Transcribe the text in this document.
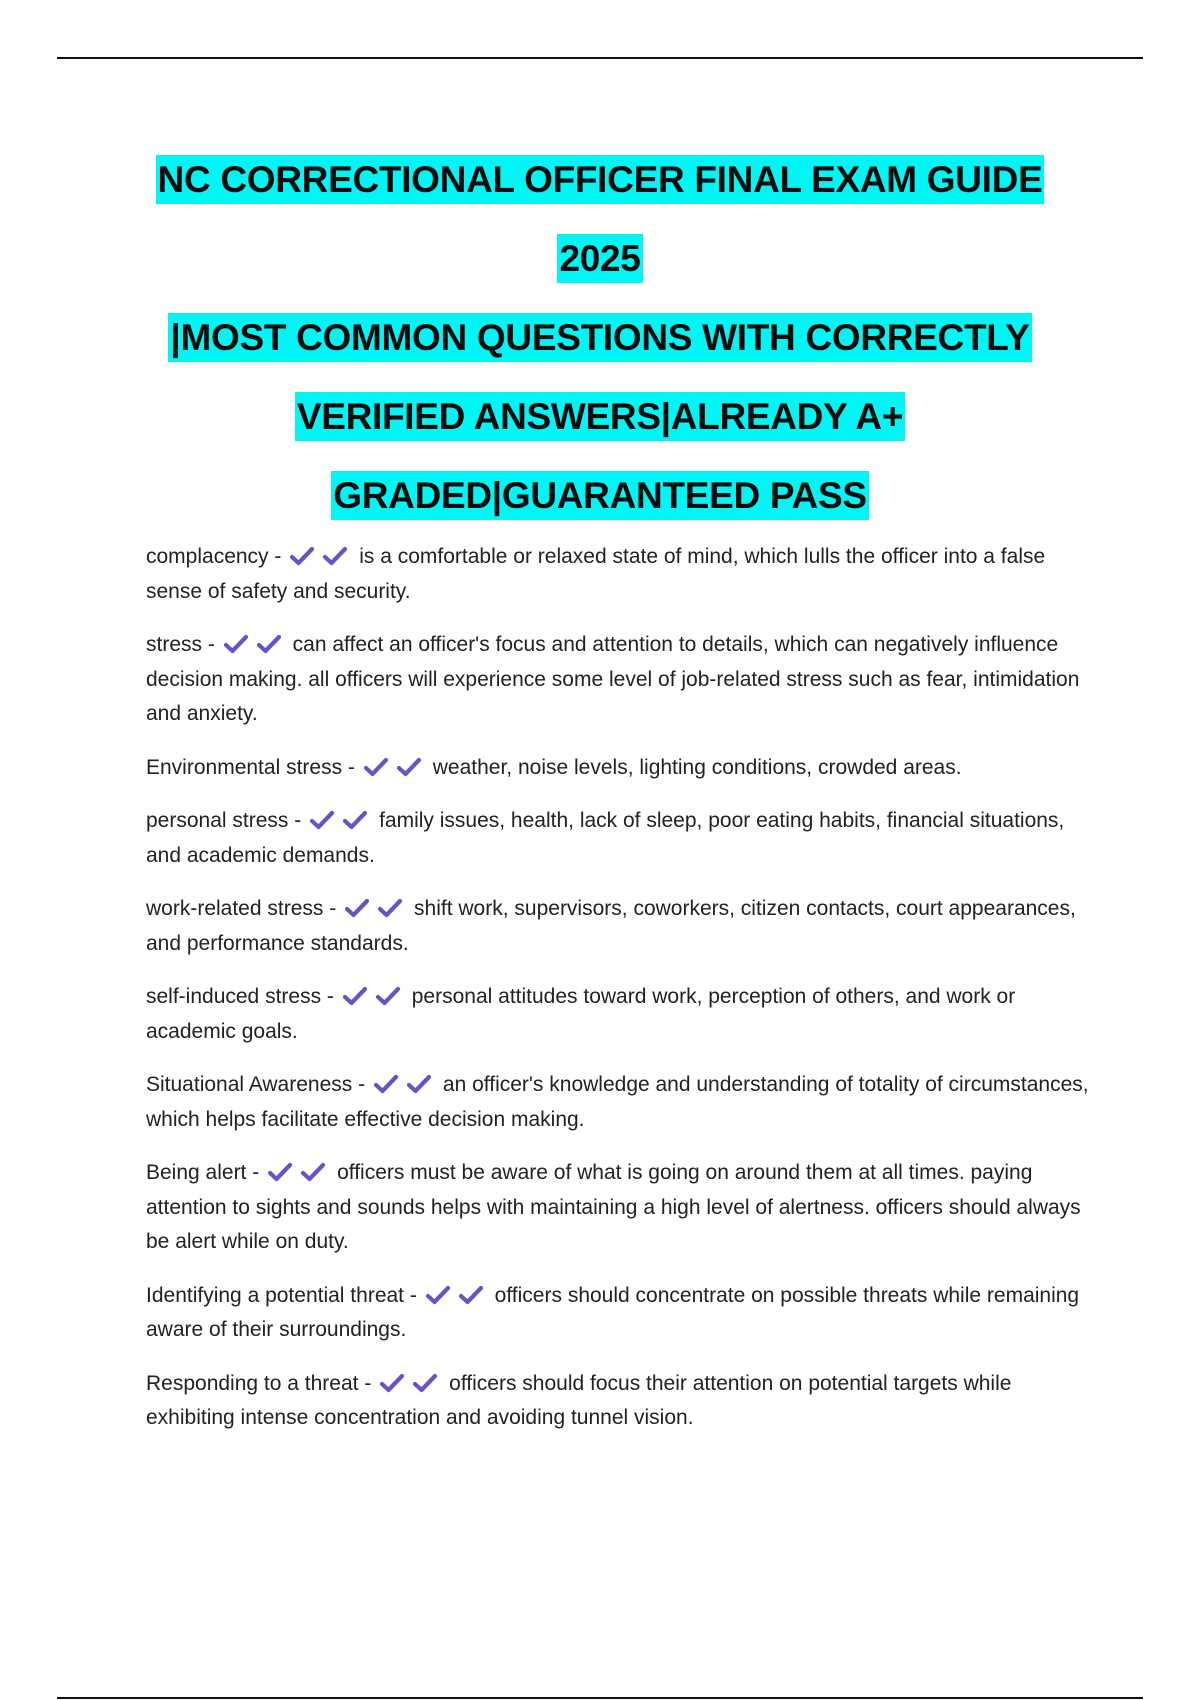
NC CORRECTIONAL OFFICER FINAL EXAM GUIDE
2025
|MOST COMMON QUESTIONS WITH CORRECTLY
VERIFIED ANSWERS|ALREADY A+
GRADED|GUARANTEED PASS

complacency -	is a comfortable or relaxed state of mind, which lulls the officer into a false sense of safety and security.

stress -	can affect an officer's focus and attention to details, which can negatively influence decision making. all officers will experience some level of job-related stress such as fear, intimidation and anxiety.

Environmental stress -	weather, noise levels, lighting conditions, crowded areas.

personal stress -	family issues, health, lack of sleep, poor eating habits, financial situations, and academic demands.

work-related stress -	shift work, supervisors, coworkers, citizen contacts, court appearances, and performance standards.

self-induced stress -	personal attitudes toward work, perception of others, and work or academic goals.

Situational Awareness -	an officer's knowledge and understanding of totality of circumstances, which helps facilitate effective decision making.

Being alert -	officers must be aware of what is going on around them at all times. paying attention to sights and sounds helps with maintaining a high level of alertness. officers should always be alert while on duty.

Identifying a potential threat -	officers should concentrate on possible threats while remaining aware of their surroundings.

Responding to a threat -	officers should focus their attention on potential targets while exhibiting intense concentration and avoiding tunnel vision.
